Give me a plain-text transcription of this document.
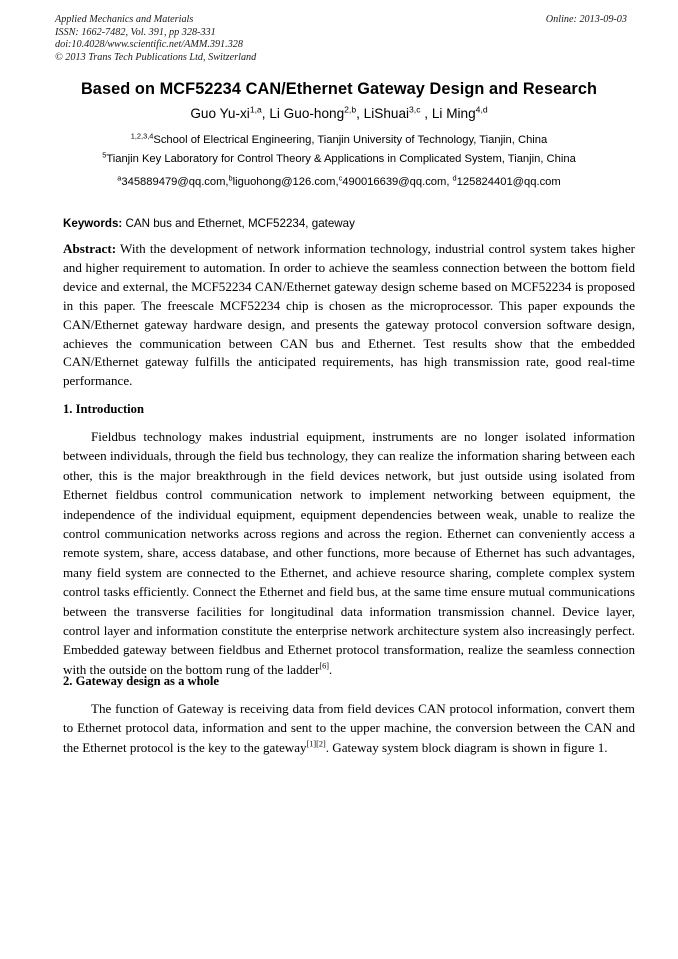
Applied Mechanics and Materials	Online: 2013-09-03
ISSN: 1662-7482, Vol. 391, pp 328-331
doi:10.4028/www.scientific.net/AMM.391.328
© 2013 Trans Tech Publications Ltd, Switzerland
Based on MCF52234 CAN/Ethernet Gateway Design and Research
Guo Yu-xi$^{1,a}$, Li Guo-hong$^{2,b}$, LiShuai$^{3,c}$ , Li Ming$^{4,d}$
$^{1,2,3,4}$School of Electrical Engineering, Tianjin University of Technology, Tianjin, China
$^5$Tianjin Key Laboratory for Control Theory & Applications in Complicated System, Tianjin, China
$^a$345889479@qq.com,$^b$liguohong@126.com,$^c$490016639@qq.com, $^d$125824401@qq.com
Keywords: CAN bus and Ethernet, MCF52234, gateway
Abstract: With the development of network information technology, industrial control system takes higher and higher requirement to automation. In order to achieve the seamless connection between the bottom field device and external, the MCF52234 CAN/Ethernet gateway design scheme based on MCF52234 is proposed in this paper. The freescale MCF52234 chip is chosen as the microprocessor. This paper expounds the CAN/Ethernet gateway hardware design, and presents the gateway protocol conversion software design, achieves the communication between CAN bus and Ethernet. Test results show that the embedded CAN/Ethernet gateway fulfills the anticipated requirements, has high transmission rate, good real-time performance.
1. Introduction
Fieldbus technology makes industrial equipment, instruments are no longer isolated information between individuals, through the field bus technology, they can realize the information sharing between each other, this is the major breakthrough in the field devices network, but just outside using isolated from Ethernet fieldbus control communication network to implement networking between equipment, the independence of the individual equipment, equipment dependencies between weak, unable to realize the control communication networks across regions and across the region. Ethernet can conveniently access a remote system, share, access database, and other functions, more because of Ethernet has such advantages, many field system are connected to the Ethernet, and achieve resource sharing, complete complex system control tasks efficiently. Connect the Ethernet and field bus, at the same time ensure mutual communications between the transverse facilities for longitudinal data information transmission channel. Device layer, control layer and information constitute the enterprise network architecture system also increasingly perfect. Embedded gateway between fieldbus and Ethernet protocol transformation, realize the seamless connection with the outside on the bottom rung of the ladder[6].
2. Gateway design as a whole
The function of Gateway is receiving data from field devices CAN protocol information, convert them to Ethernet protocol data, information and sent to the upper machine, the conversion between the CAN and the Ethernet protocol is the key to the gateway[1][2]. Gateway system block diagram is shown in figure 1.
